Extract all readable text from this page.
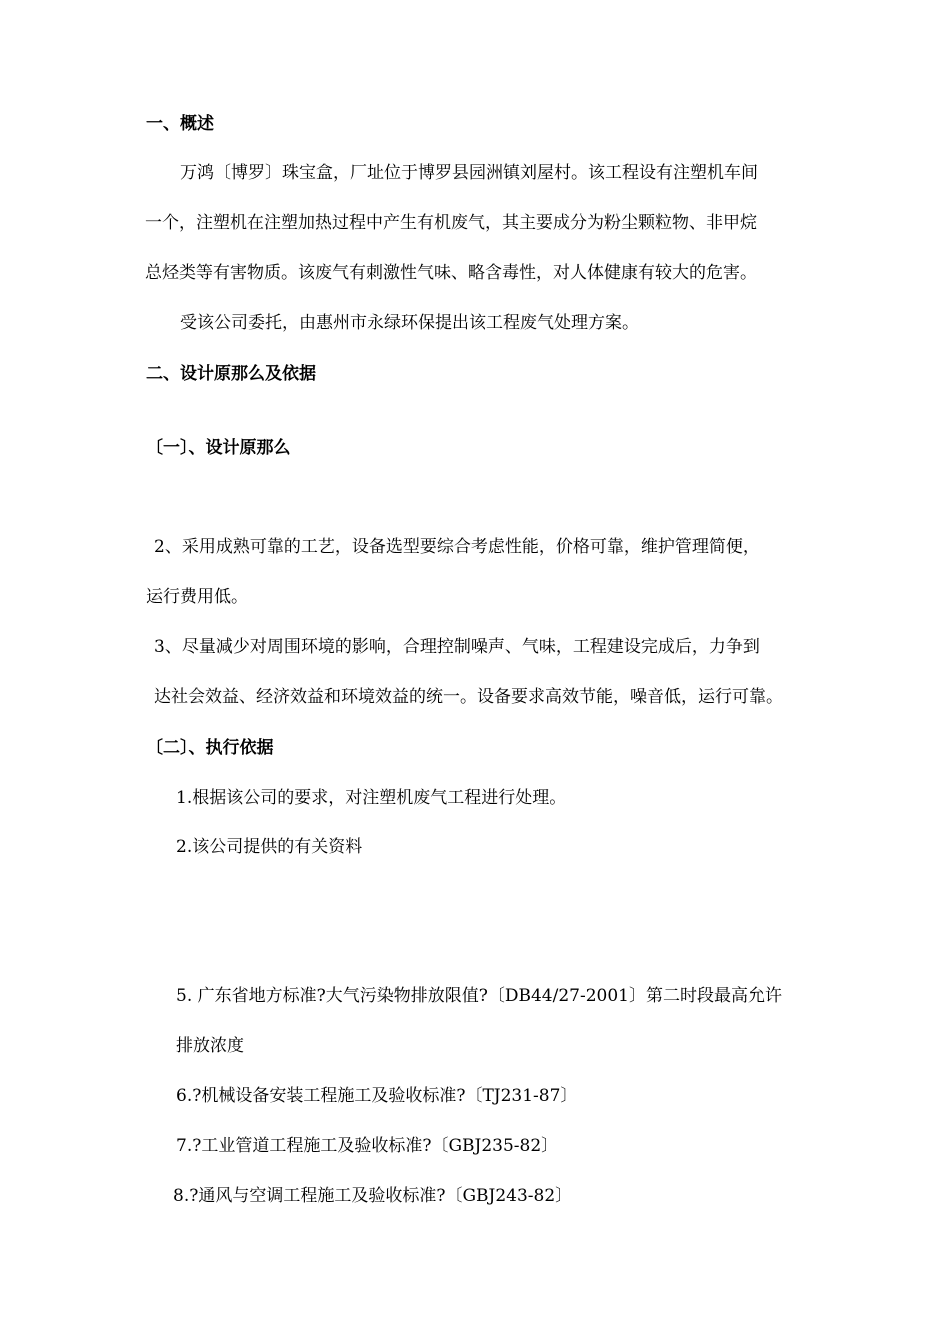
一、概述
万鸿〔博罗〕珠宝盒，厂址位于博罗县园洲镇刘屋村。该工程设有注塑机车间
一个，注塑机在注塑加热过程中产生有机废气，其主要成分为粉尘颗粒物、非甲烷
总烃类等有害物质。该废气有刺激性气味、略含毒性，对人体健康有较大的危害。
受该公司委托，由惠州市永绿环保提出该工程废气处理方案。
二、设计原那么及依据
〔一〕、设计原那么
2、采用成熟可靠的工艺，设备选型要综合考虑性能，价格可靠，维护管理简便，
运行费用低。
3、尽量减少对周围环境的影响，合理控制噪声、气味，工程建设完成后，力争到
达社会效益、经济效益和环境效益的统一。设备要求高效节能，噪音低，运行可靠。
〔二〕、执行依据
1.根据该公司的要求，对注塑机废气工程进行处理。
2.该公司提供的有关资料
5. 广东省地方标准?大气污染物排放限值?〔DB44/27-2001〕第二时段最高允许
排放浓度
6.?机械设备安装工程施工及验收标准?〔TJ231-87〕
7.?工业管道工程施工及验收标准?〔GBJ235-82〕
8.?通风与空调工程施工及验收标准?〔GBJ243-82〕
